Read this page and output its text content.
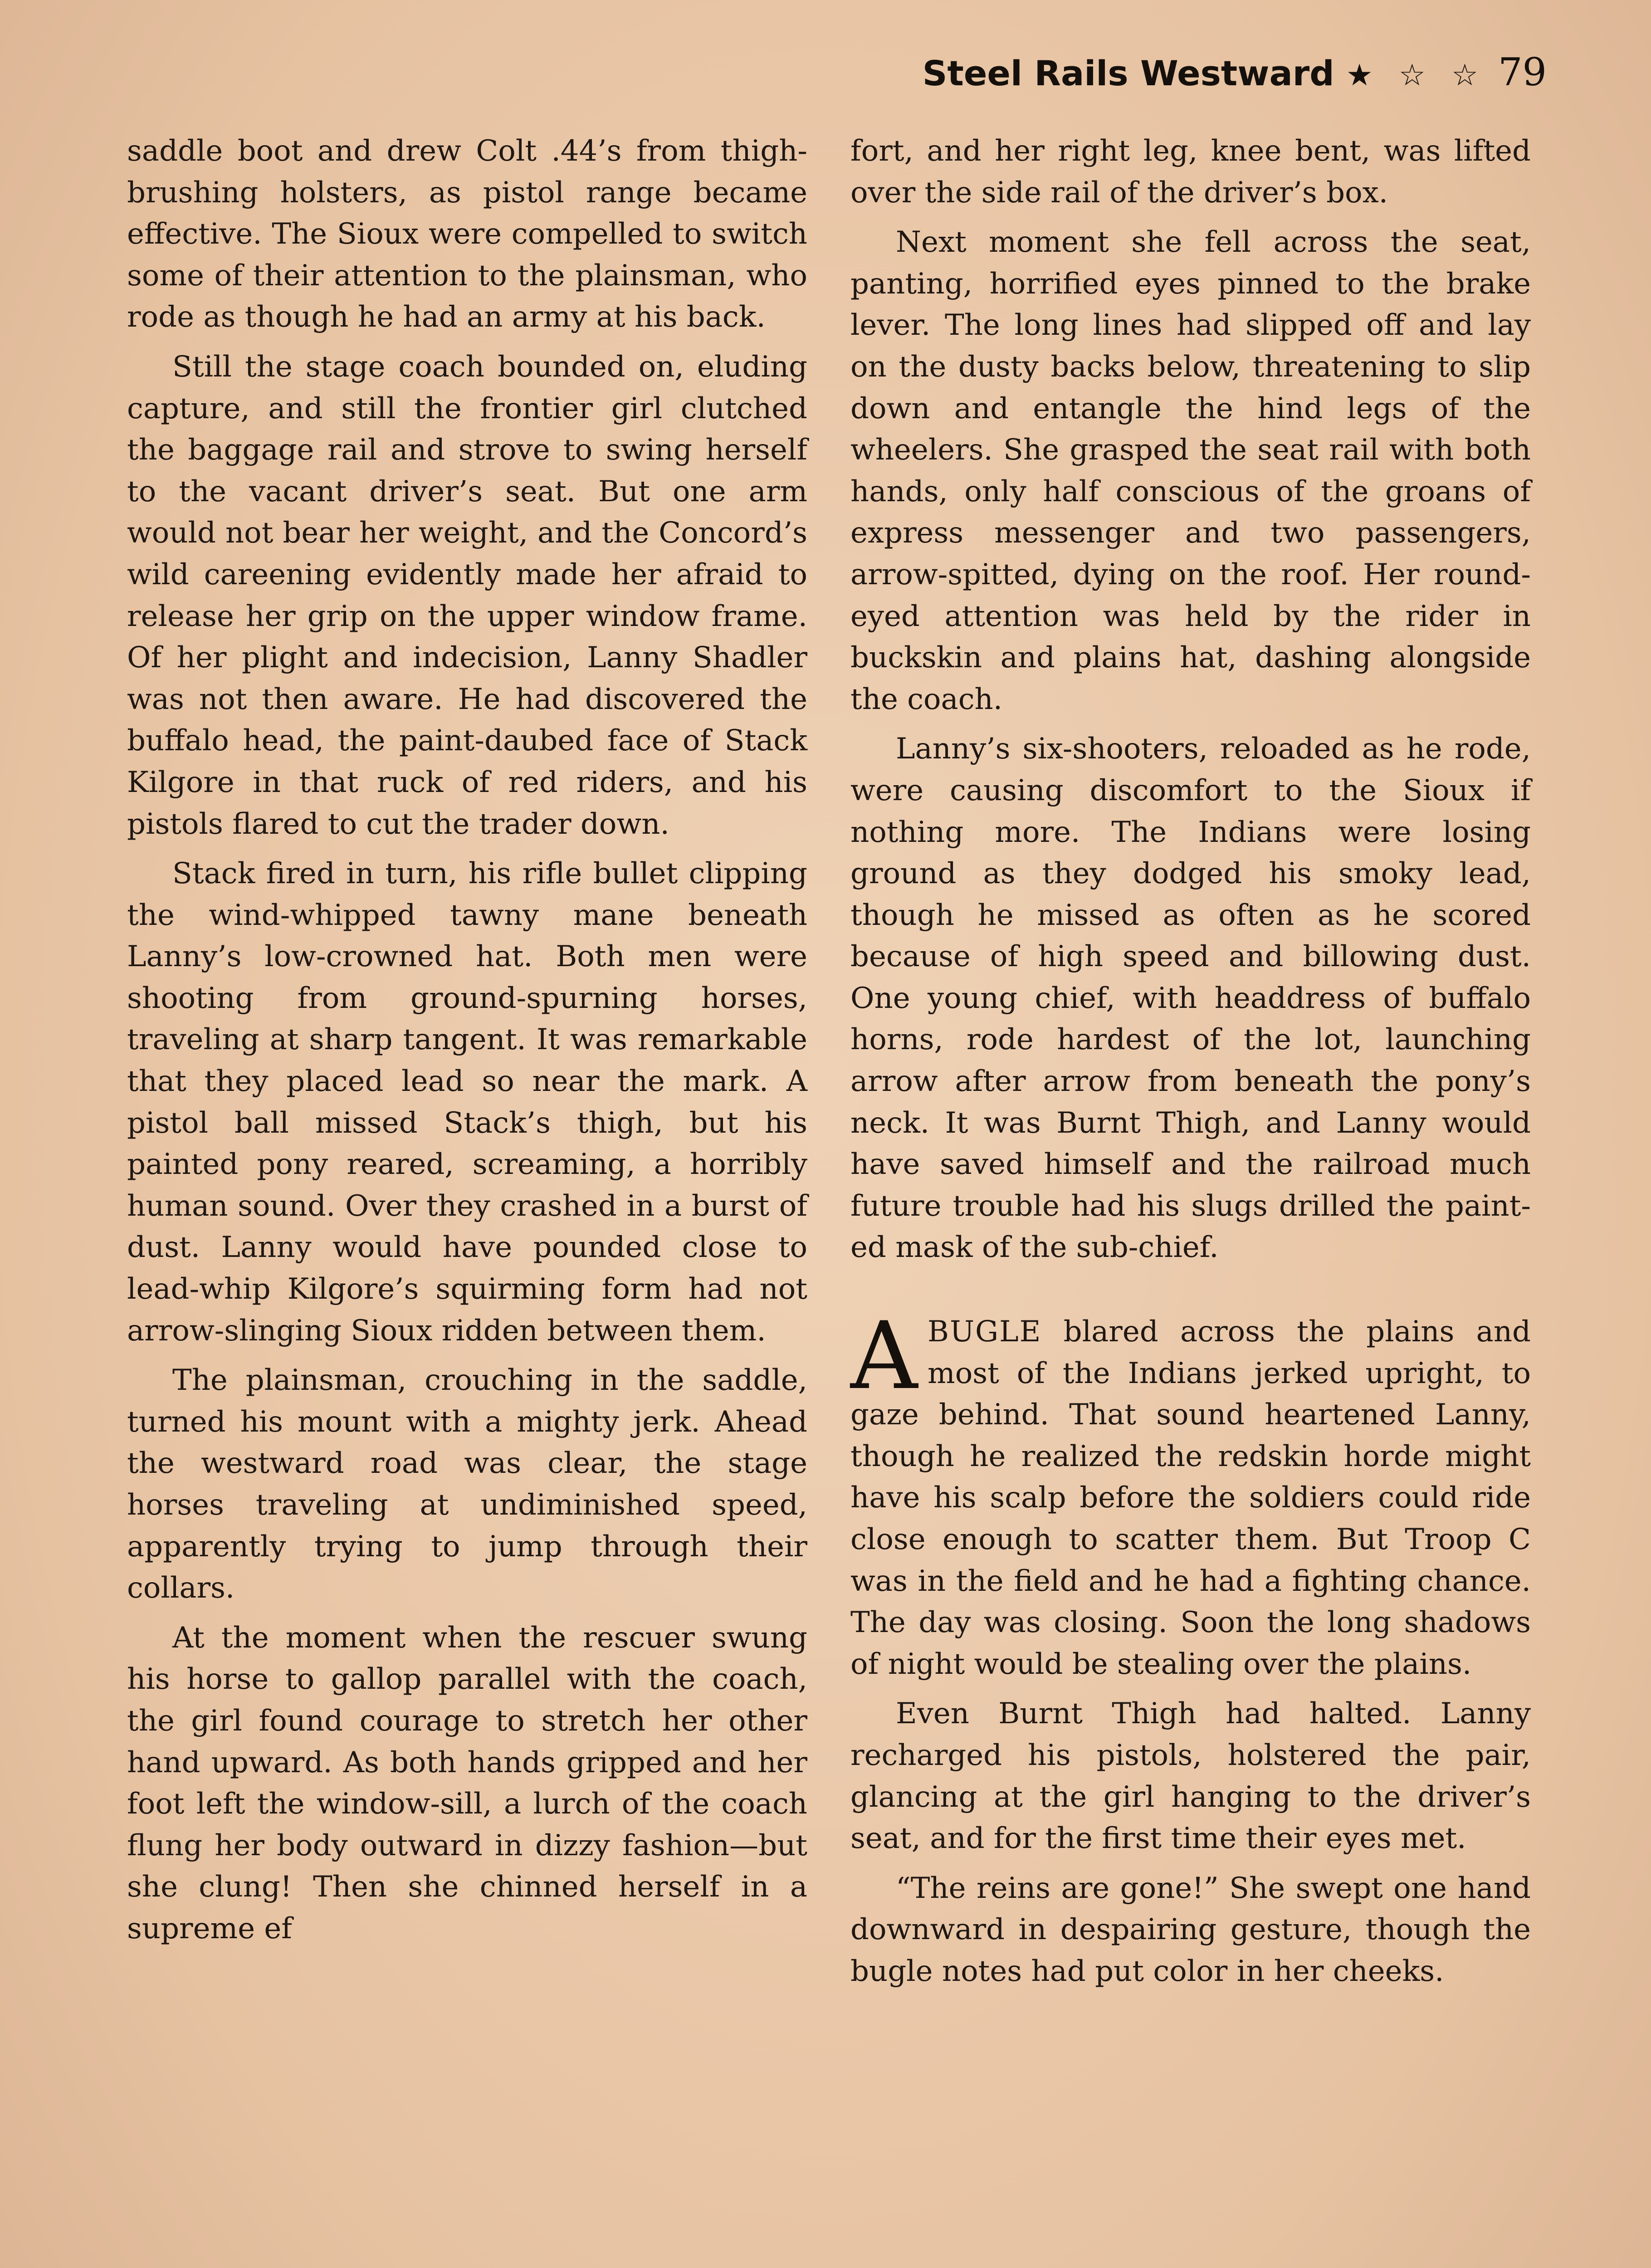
Steel Rails Westward ★ ☆ ☆ 79

saddle boot and drew Colt .44’s from thigh-brushing holsters, as pistol range became effective. The Sioux were compelled to switch some of their attention to the plainsman, who rode as though he had an army at his back.

Still the stage coach bounded on, eluding capture, and still the frontier girl clutched the baggage rail and strove to swing herself to the vacant driver’s seat. But one arm would not bear her weight, and the Concord’s wild careening evidently made her afraid to release her grip on the upper window frame. Of her plight and indecision, Lanny Shadler was not then aware. He had discovered the buffalo head, the paint-daubed face of Stack Kilgore in that ruck of red riders, and his pistols flared to cut the trader down.

Stack fired in turn, his rifle bullet clipping the wind-whipped tawny mane beneath Lanny’s low-crowned hat. Both men were shooting from ground-spurning horses, traveling at sharp tangent. It was remarkable that they placed lead so near the mark. A pistol ball missed Stack’s thigh, but his painted pony reared, screaming, a horribly human sound. Over they crashed in a burst of dust. Lanny would have pounded close to lead-whip Kilgore’s squirming form had not arrow-slinging Sioux ridden between them.

The plainsman, crouching in the saddle, turned his mount with a mighty jerk. Ahead the westward road was clear, the stage horses traveling at undiminished speed, apparently trying to jump through their collars.

At the moment when the rescuer swung his horse to gallop parallel with the coach, the girl found courage to stretch her other hand upward. As both hands gripped and her foot left the window-sill, a lurch of the coach flung her body outward in dizzy fashion—but she clung! Then she chinned herself in a supreme ef

fort, and her right leg, knee bent, was lifted over the side rail of the driver’s box.

Next moment she fell across the seat, panting, horrified eyes pinned to the brake lever. The long lines had slipped off and lay on the dusty backs below, threatening to slip down and entangle the hind legs of the wheelers. She grasped the seat rail with both hands, only half conscious of the groans of express messenger and two passengers, arrow-spitted, dying on the roof. Her round-eyed attention was held by the rider in buckskin and plains hat, dashing alongside the coach.

Lanny’s six-shooters, reloaded as he rode, were causing discomfort to the Sioux if nothing more. The Indians were losing ground as they dodged his smoky lead, though he missed as often as he scored because of high speed and billowing dust. One young chief, with headdress of buffalo horns, rode hardest of the lot, launching arrow after arrow from beneath the pony’s neck. It was Burnt Thigh, and Lanny would have saved himself and the railroad much future trouble had his slugs drilled the painted mask of the sub-chief.

ABUGLE blared across the plains and most of the Indians jerked upright, to gaze behind. That sound heartened Lanny, though he realized the redskin horde might have his scalp before the soldiers could ride close enough to scatter them. But Troop C was in the field and he had a fighting chance. The day was closing. Soon the long shadows of night would be stealing over the plains.

Even Burnt Thigh had halted. Lanny recharged his pistols, holstered the pair, glancing at the girl hanging to the driver’s seat, and for the first time their eyes met.

“The reins are gone!” She swept one hand downward in despairing gesture, though the bugle notes had put color in her cheeks.
